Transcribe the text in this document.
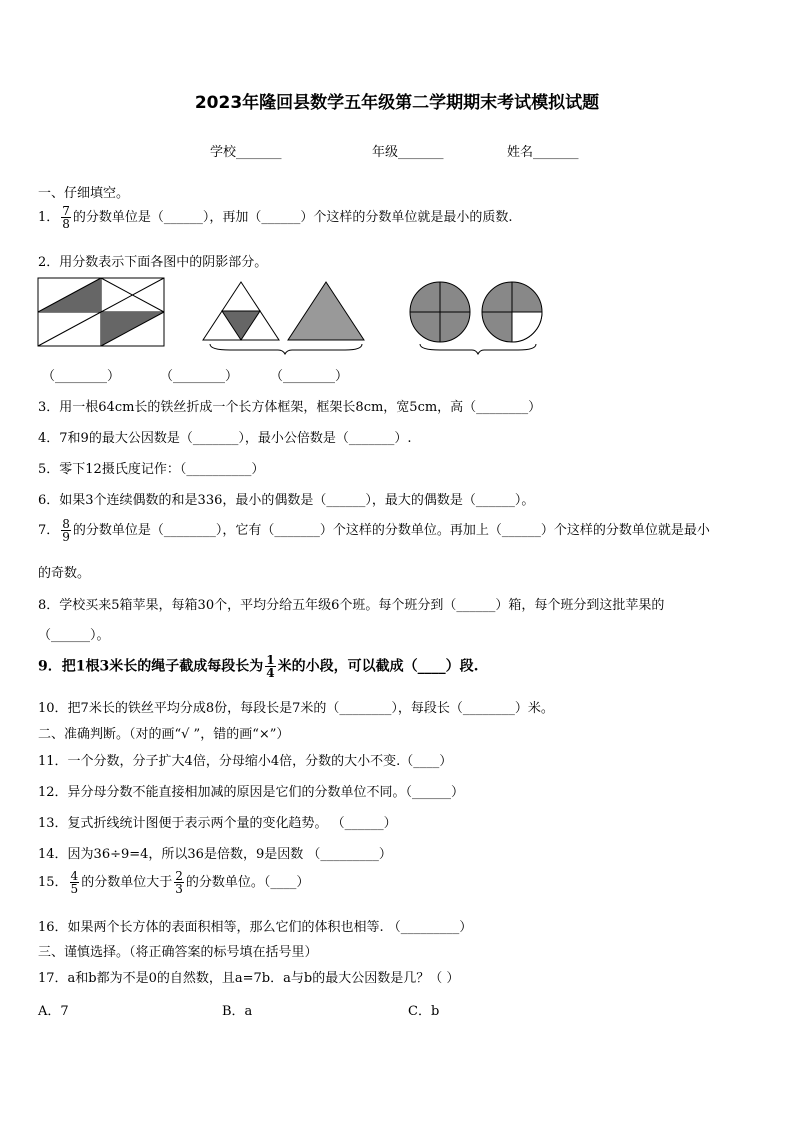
2023年隆回县数学五年级第二学期期末考试模拟试题
学校_______	年级_______	姓名_______
一、仔细填空。
1． $\frac{7}{8}$ 的分数单位是（______），再加（______）个这样的分数单位就是最小的质数.
2．用分数表示下面各图中的阴影部分。
（________）	（________） （________）
3．用一根64cm长的铁丝折成一个长方体框架，框架长8cm，宽5cm，高（________）
4．7和9的最大公因数是（_______），最小公倍数是（_______）.
5．零下12摄氏度记作：（__________）
6．如果3个连续偶数的和是336，最小的偶数是（______），最大的偶数是（______）。
7． $\frac{8}{9}$ 的分数单位是（________），它有（_______）个这样的分数单位。再加上（______）个这样的分数单位就是最小
的奇数。
8．学校买来5箱苹果，每箱30个，平均分给五年级6个班。每个班分到（______）箱，每个班分到这批苹果的
（______）。
9．把1根3米长的绳子截成每段长为 $\frac{1}{4}$ 米的小段，可以截成（____）段.
10．把7米长的铁丝平均分成8份，每段长是7米的（________），每段长（________）米。
二、准确判断。（对的画“√ ”，错的画“×”）
11．一个分数，分子扩大4倍，分母缩小4倍，分数的大小不变.（____）
12．异分母分数不能直接相加减的原因是它们的分数单位不同。（______）
13．复式折线统计图便于表示两个量的变化趋势。 （______）
14．因为36÷9=4，所以36是倍数，9是因数 （_________）
15． $\frac{4}{5}$ 的分数单位大于 $\frac{2}{3}$ 的分数单位。（____）
16．如果两个长方体的表面积相等，那么它们的体积也相等. （_________）
三、谨慎选择。（将正确答案的标号填在括号里）
17．a和b都为不是0的自然数，且a=7b．a与b的最大公因数是几？（ ）
A．7	B．a	C．b
